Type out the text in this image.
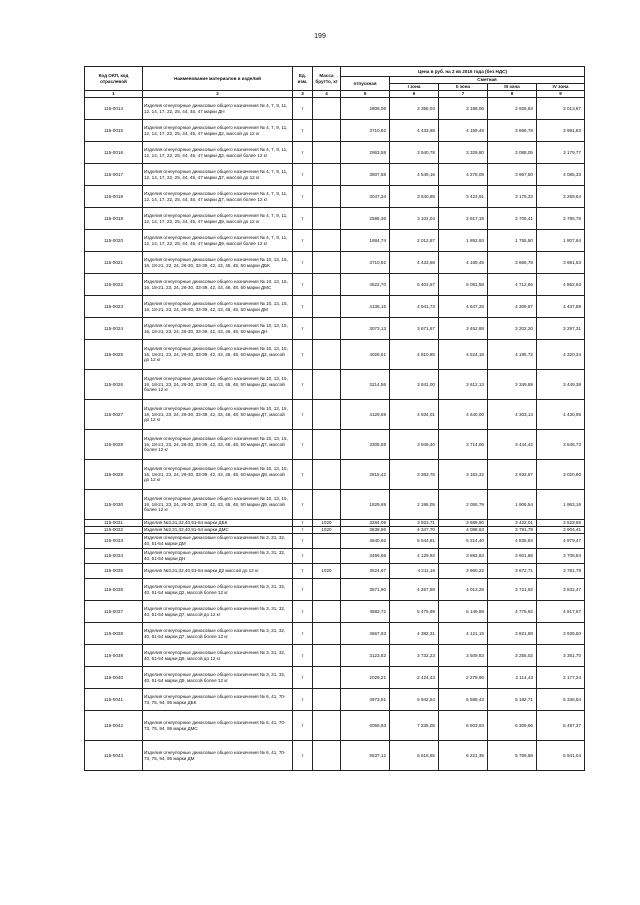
199
Код ОКП, код отраслевой	Наименование материалов и изделий	Ед. изм.	Масса брутто, кг	Цена в руб. на 2 кв 2016 года (без НДС)				
				отпускная	Сметная			
					I зона	II зона	III зона	IV зона
1	2	3	4	5	6	7	8	9
115-0014	Изделия огнеупорные динасовые общего назначения № 4, 7, 9, 11, 12, 14, 17, 22, 25, 44, 45, 47 марки ДН	т		2808,06	3 356,04	3 198,06	2 926,63	3 013,87
115-0015	Изделия огнеупорные динасовые общего назначения № 4, 7, 9, 11, 12, 14, 17, 22, 25, 44, 45, 47 марки Д2, массой до 12 кг	т		3710,92	4 433,68	4 159,49	3 866,78	3 981,83
115-0016	Изделия огнеупорные динасовые общего назначения № 4, 7, 9, 11, 12, 14, 17, 22, 25, 44, 45, 47 марки Д2, массой более 12 кг	т		2963,58	3 540,78	3 329,80	3 088,05	3 179,77
115-0017	Изделия огнеупорные динасовые общего назначения № 4, 7, 9, 11, 12, 14, 17, 22, 25, 44, 45, 47 марки Д7, массой до 12 кг	т		3807,58	4 549,16	4 278,09	3 967,50	4 085,33
115-0018	Изделия огнеупорные динасовые общего назначения № 4, 7, 9, 11, 12, 14, 17, 22, 25, 44, 45, 47 марки Д7, массой более 12 кг	т		3047,34	3 640,88	3 423,91	3 175,33	3 269,64
115-0019	Изделия огнеупорные динасовые общего назначения № 4, 7, 9, 11, 12, 14, 17, 22, 25, 44, 45, 47 марки Д9, массой до 12 кг	т		2596,36	3 102,04	2 917,19	2 705,41	2 785,76
115-0020	Изделия огнеупорные динасовые общего назначения № 4, 7, 9, 11, 12, 14, 17, 22, 25, 44, 45, 47 марки Д9, массой более 12 кг	т		1684,74	2 012,87	1 892,93	1 755,50	1 807,64
115-0021	Изделия огнеупорные динасовые общего назначения № 10, 13, 15, 16, 18-21, 23, 24, 26-30, 33-39, 42, 43, 46, 48, 50 марки ДБК	т		3710,92	4 433,68	4 169,49	3 866,78	3 981,63
115-0022	Изделия огнеупорные динасовые общего назначения № 10, 13, 15, 16, 18-21, 23, 24, 26-30, 33-39, 42, 43, 46, 48, 50 марки ДМС	т		4522,70	5 403,57	5 081,58	4 712,66	4 852,63
115-0023	Изделия огнеупорные динасовые общего назначения № 10, 13, 15, 16, 18-21, 23, 24, 26-30, 33-39, 42, 43, 46, 48, 50 марки ДМ	т		4136,15	4 941,73	4 647,26	4 309,87	4 437,88
115-0024	Изделия огнеупорные динасовые общего назначения № 10, 13, 15, 16, 18-21, 23, 24, 26-30, 33-39, 42, 43, 46, 48, 50 марки ДН	т		3073,13	3 671,67	3 452,88	3 202,20	3 297,31
115-0025	Изделия огнеупорные динасовые общего назначения № 10, 13, 15, 16, 18-21, 23, 24, 26-30, 33-39, 42, 43, 46, 48, 50 марки Д2, массой до 12 кг	т		4026,61	4 810,85	4 524,18	4 195,72	4 320,34
115-0026	Изделия огнеупорные динасовые общего назначения № 10, 13, 15, 16, 18-21, 23, 24, 26-30, 33-39, 42, 43, 46, 48, 50 марки Д2, массой более 12 кг	т		3214,56	3 841,00	3 612,13	3 349,89	3 449,38
115-0027	Изделия огнеупорные динасовые общего назначения № 10, 13, 15, 16, 18-21, 23, 24, 26-30, 33-39, 42, 43, 46, 48, 50 марки Д7, массой до 12 кг	т		4129,69	4 934,01	4 640,00	4 303,14	4 430,95
115-0028	Изделия огнеупорные динасовые общего назначения № 10, 13, 15, 16, 18-21, 23, 24, 26-30, 33-39, 42, 43, 46, 48, 50 марки Д7, массой более 12 кг	т		3305,59	3 949,40	3 714,06	3 444,42	3 546,73
115-0029	Изделия огнеупорные динасовые общего назначения № 10, 13, 15, 16, 18-21, 23, 24, 26-30, 33-39, 42, 43, 46, 48, 50 марки Д9, массой до 12 кг	т		2815,42	3 363,76	3 163,32	2 933,67	3 020,80
115-0030	Изделия огнеупорные динасовые общего назначения № 10, 13, 15, 16, 18-21, 23, 24, 26-30, 33-39, 42, 43, 46, 48, 50 марки Д9, массой более 12 кг	т		1829,69	2 186,05	2 055,79	1 906,54	1 963,16
115-0031	Изделия №3,31,32,40,51-54 марки ДБК	т	1020	3284,09	3 923,71	3 689,90	3 422,01	3 523,65
115-0032	Изделия №3,31,32,40,51-54 марки ДМС	т	1020	3638,96	4 347,70	4 088,63	3 791,79	3 904,41
115-0033	Изделия огнеупорные динасовые общего назначения № 3, 31, 32, 40, 51-54 марки ДМ	т		4640,92	5 544,81	5 214,40	4 835,84	4 979,47
115-0034	Изделия огнеупорные динасовые общего назначения № 3, 31, 32, 40, 51-54 марки ДН	т		3456,68	4 129,92	3 883,83	3 601,86	3 708,84
115-0035	Изделия №3,31,32,40,51-54 марки Д2 массой до 12 кг	т	1020	3524,67	4 211,16	3 960,22	3 672,71	3 781,79
115-0036	Изделия огнеупорные динасовые общего назначения № 3, 31, 32, 40, 51-54 марки Д2, массой более 12 кг	т		3571,90	4 267,58	4 013,29	3 721,92	3 832,47
115-0037	Изделия огнеупорные динасовые общего назначения № 3, 31, 32, 40, 51-54 марки Д7, массой до 12 кг	т		4583,72	5 475,99	5 149,89	4 775,92	4 917,67
115-0038	Изделия огнеупорные динасовые общего назначения № 3, 31, 32, 40, 51-54 марки Д7, массой более 12 кг	т		3667,93	4 382,31	4 121,19	3 821,98	3 935,50
115-0039	Изделия огнеупорные динасовые общего назначения № 3, 31, 32, 40, 51-54 марки Д9, массой до 12 кг	т		3123,82	3 732,23	3 509,83	3 255,02	3 351,70
115-0040	Изделия огнеупорные динасовые общего назначения № 3, 31, 32, 40, 51-54 марки Д9, массой более 12 кг	т		2029,21	2 424,43	2 279,96	2 114,43	2 177,24
115-0041	Изделия огнеупорные динасовые общего назначения № 6, 41, 70-73, 75, 94, 95 марки ДБК	т		4973,61	5 942,54	5 588,43	5 182,71	5 336,64
115-0042	Изделия огнеупорные динасовые общего назначения № 6, 41, 70-73, 75, 94, 95 марки ДМС	т		6055,93	7 235,05	6 803,93	6 309,96	6 497,37
115-0043	Изделия огнеупорные динасовые общего назначения № 6, 41, 70-73, 75, 94, 95 марки ДМ	т		5537,12	6 615,65	6 221,35	5 769,68	5 941,04
